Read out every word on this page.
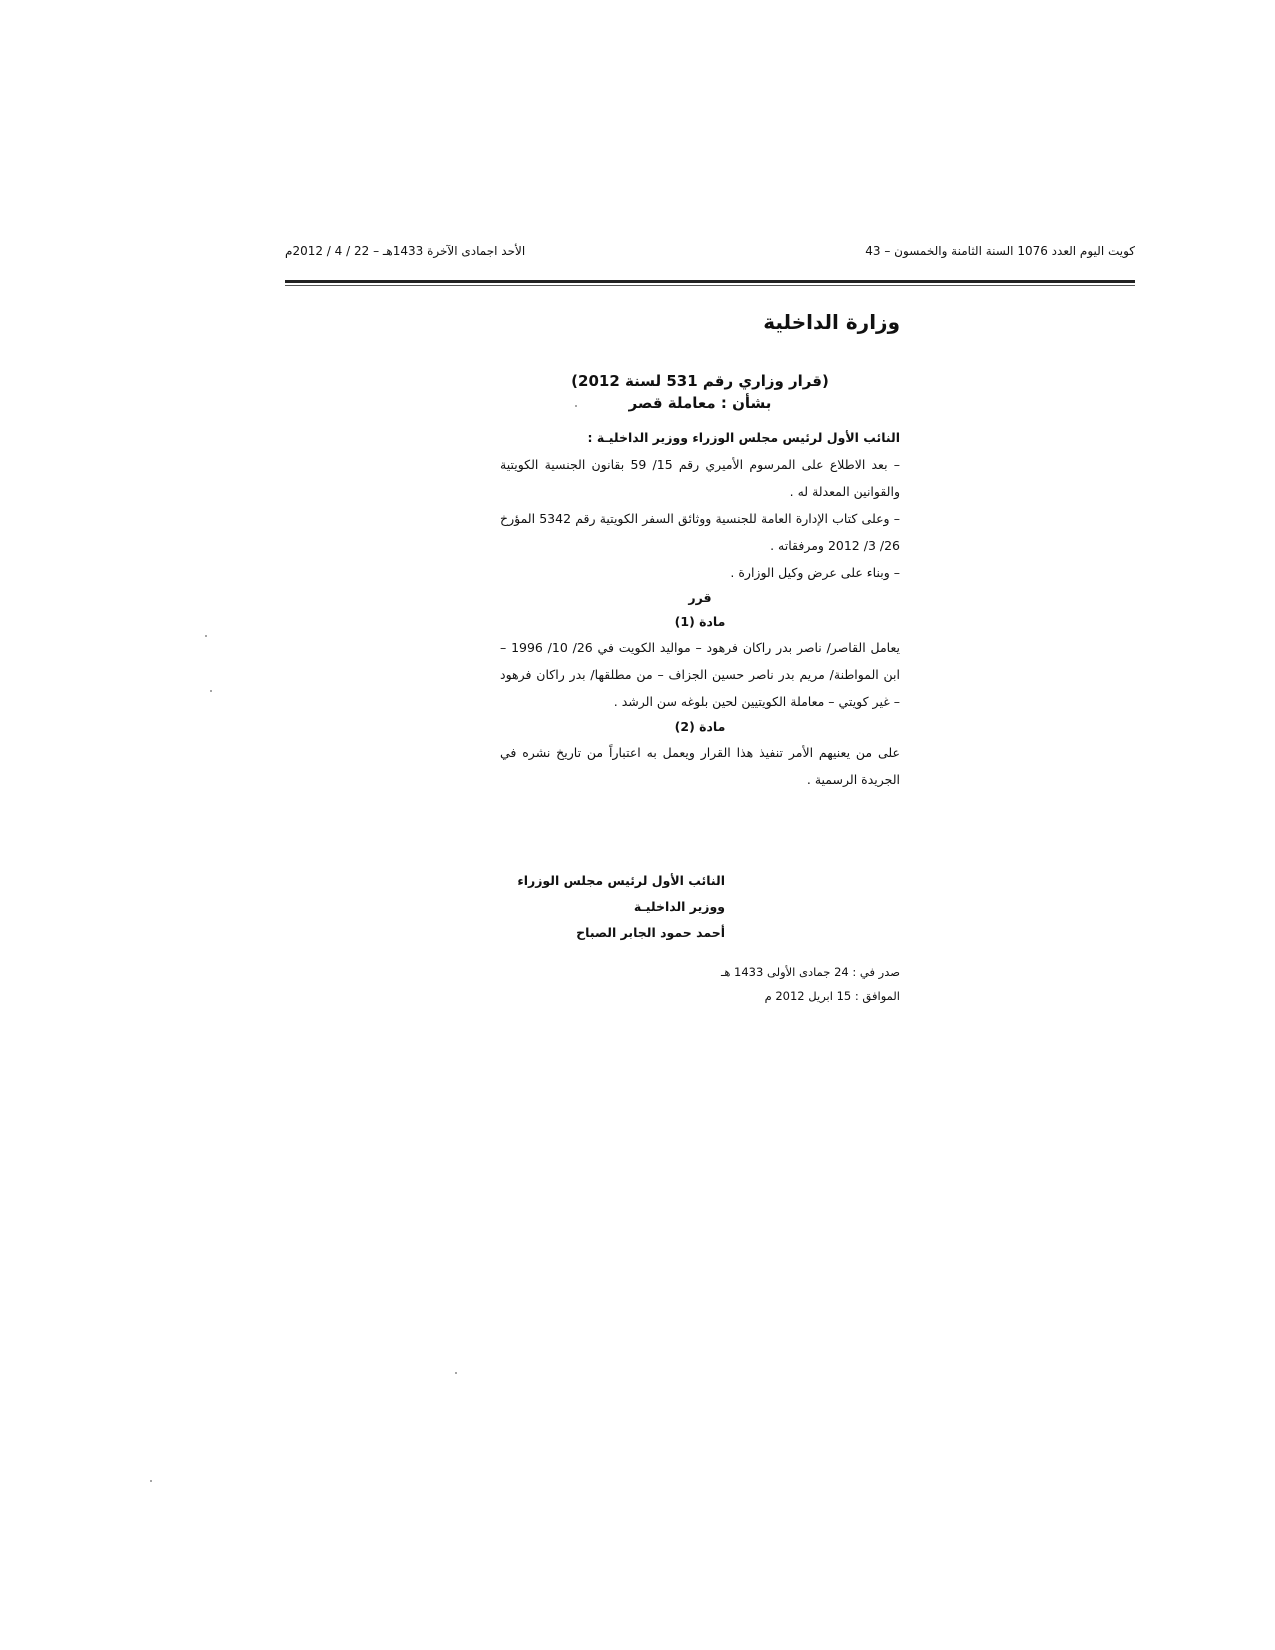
كويت اليوم العدد 1076 السنة الثامنة والخمسون – 43
الأحد اجمادى الآخرة 1433هـ – 22 / 4 / 2012م
وزارة الداخلية
(قرار وزاري رقم 531 لسنة 2012)
بشأن : معاملة قصر
النائب الأول لرئيس مجلس الوزراء ووزير الداخليـة :

– بعد الاطلاع على المرسوم الأميري رقم 15/ 59 بقانون الجنسية الكويتية والقوانين المعدلة له .

– وعلى كتاب الإدارة العامة للجنسية ووثائق السفر الكويتية رقم 5342 المؤرخ 26/ 3/ 2012 ومرفقاته .

– وبناء على عرض وكيل الوزارة .

قرر
مادة (1)

يعامل القاصر/ ناصر بدر راكان فرهود – مواليد الكويت في 26/ 10/ 1996 – ابن المواطنة/ مريم بدر ناصر حسين الجزاف – من مطلقها/ بدر راكان فرهود – غير كويتي – معاملة الكويتيين لحين بلوغه سن الرشد .

مادة (2)

على من يعنيهم الأمر تنفيذ هذا القرار ويعمل به اعتباراً من تاريخ نشره في الجريدة الرسمية .

النائب الأول لرئيس مجلس الوزراء
ووزير الداخليـة
أحمد حمود الجابر الصباح
صدر في : 24 جمادى الأولى 1433 هـ
الموافق : 15 ابريل 2012 م
